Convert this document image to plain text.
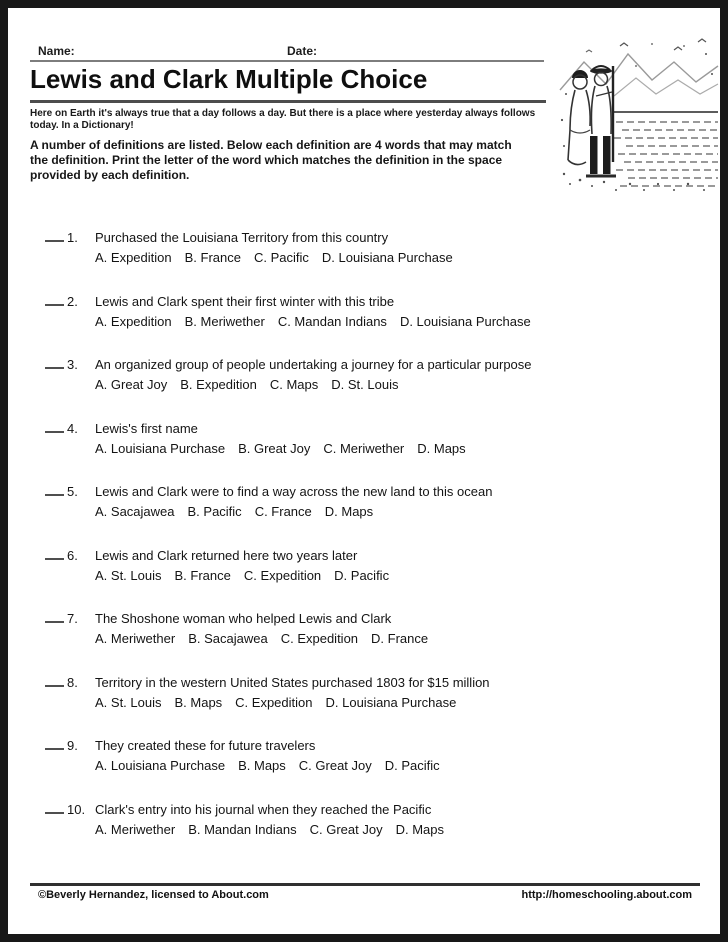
Name:	Date:
Lewis and Clark Multiple Choice
Here on Earth it's always true that a day follows a day. But there is a place where yesterday always follows
today. In a Dictionary!
A number of definitions are listed. Below each definition are 4 words that may match
the definition. Print the letter of the word which matches the definition in the space
provided by each definition.
1. Purchased the Louisiana Territory from this country
A. Expedition B. France C. Pacific D. Louisiana Purchase
2. Lewis and Clark spent their first winter with this tribe
A. Expedition B. Meriwether C. Mandan Indians D. Louisiana Purchase
3. An organized group of people undertaking a journey for a particular purpose
A. Great Joy B. Expedition C. Maps D. St. Louis
4. Lewis's first name
A. Louisiana Purchase B. Great Joy C. Meriwether D. Maps
5. Lewis and Clark were to find a way across the new land to this ocean
A. Sacajawea B. Pacific C. France D. Maps
6. Lewis and Clark returned here two years later
A. St. Louis B. France C. Expedition D. Pacific
7. The Shoshone woman who helped Lewis and Clark
A. Meriwether B. Sacajawea C. Expedition D. France
8. Territory in the western United States purchased 1803 for $15 million
A. St. Louis B. Maps C. Expedition D. Louisiana Purchase
9. They created these for future travelers
A. Louisiana Purchase B. Maps C. Great Joy D. Pacific
10. Clark's entry into his journal when they reached the Pacific
A. Meriwether B. Mandan Indians C. Great Joy D. Maps
©Beverly Hernandez, licensed to About.com	http://homeschooling.about.com
